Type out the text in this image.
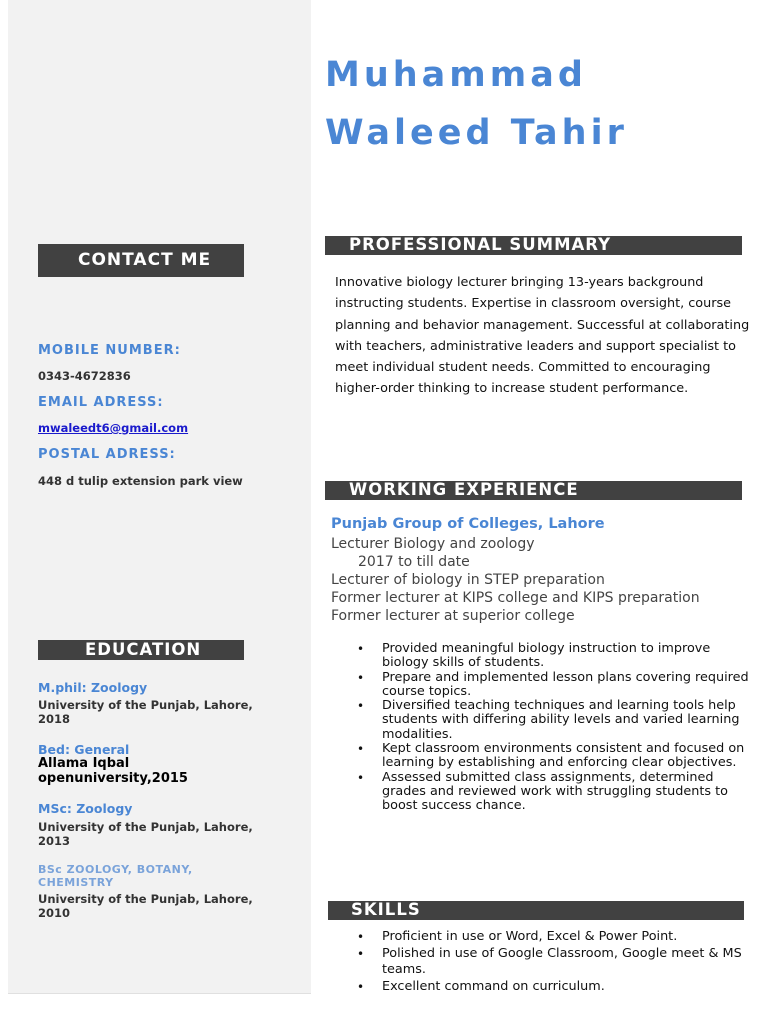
Muhammad
Waleed Tahir
CONTACT ME
MOBILE NUMBER:
0343-4672836
EMAIL ADRESS:
mwaleedt6@gmail.com
POSTAL ADRESS:
448 d tulip extension park view
EDUCATION
M.phil: Zoology
University of the Punjab, Lahore, 2018
Bed: General
Allama Iqbal openuniversity,2015
MSc: Zoology
University of the Punjab, Lahore, 2013
BSc ZOOLOGY, BOTANY, CHEMISTRY
University of the Punjab, Lahore, 2010
PROFESSIONAL SUMMARY
Innovative biology lecturer bringing 13-years background instructing students. Expertise in classroom oversight, course planning and behavior management. Successful at collaborating with teachers, administrative leaders and support specialist to meet individual student needs. Committed to encouraging higher-order thinking to increase student performance.
WORKING EXPERIENCE
Punjab Group of Colleges, Lahore
Lecturer Biology and zoology
2017 to till date
Lecturer of biology in STEP preparation
Former lecturer at KIPS college and KIPS preparation
Former lecturer at superior college
• Provided meaningful biology instruction to improve biology skills of students.
• Prepare and implemented lesson plans covering required course topics.
• Diversified teaching techniques and learning tools help students with differing ability levels and varied learning modalities.
• Kept classroom environments consistent and focused on learning by establishing and enforcing clear objectives.
• Assessed submitted class assignments, determined grades and reviewed work with struggling students to boost success chance.
SKILLS
• Proficient in use or Word, Excel & Power Point.
• Polished in use of Google Classroom, Google meet & MS teams.
• Excellent command on curriculum.
